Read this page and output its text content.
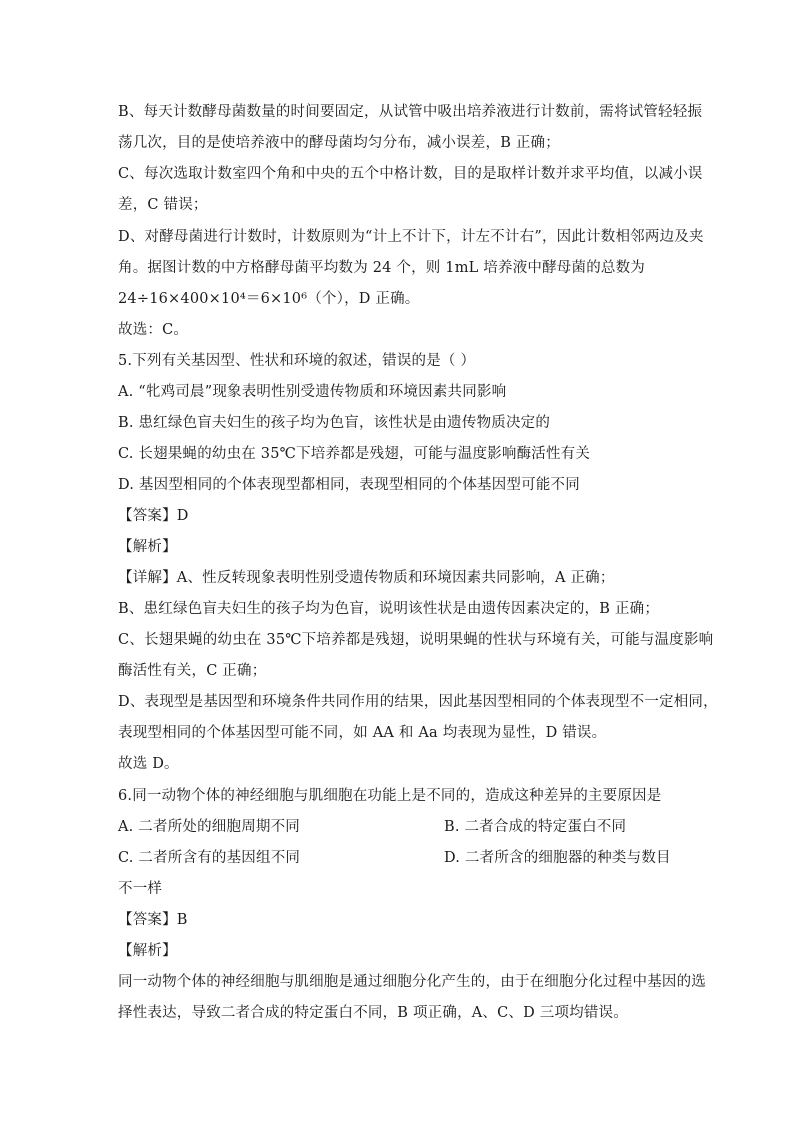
B、每天计数酵母菌数量的时间要固定，从试管中吸出培养液进行计数前，需将试管轻轻振
荡几次，目的是使培养液中的酵母菌均匀分布，减小误差，B 正确；
C、每次选取计数室四个角和中央的五个中格计数，目的是取样计数并求平均值，以减小误
差，C 错误；
D、对酵母菌进行计数时，计数原则为“计上不计下，计左不计右”，因此计数相邻两边及夹
角。据图计数的中方格酵母菌平均数为 24 个，则 1mL 培养液中酵母菌的总数为
24÷16×400×10⁴＝6×10⁶（个），D 正确。
故选：C。
5.下列有关基因型、性状和环境的叙述，错误的是（ ）
A. “牝鸡司晨”现象表明性别受遗传物质和环境因素共同影响
B. 患红绿色盲夫妇生的孩子均为色盲，该性状是由遗传物质决定的
C. 长翅果蝇的幼虫在 35℃下培养都是残翅，可能与温度影响酶活性有关
D. 基因型相同的个体表现型都相同，表现型相同的个体基因型可能不同
【答案】D
【解析】
【详解】A、性反转现象表明性别受遗传物质和环境因素共同影响，A 正确；
B、患红绿色盲夫妇生的孩子均为色盲，说明该性状是由遗传因素决定的，B 正确；
C、长翅果蝇的幼虫在 35℃下培养都是残翅，说明果蝇的性状与环境有关，可能与温度影响
酶活性有关，C 正确；
D、表现型是基因型和环境条件共同作用的结果，因此基因型相同的个体表现型不一定相同，
表现型相同的个体基因型可能不同，如 AA 和 Aa 均表现为显性，D 错误。
故选 D。
6.同一动物个体的神经细胞与肌细胞在功能上是不同的，造成这种差异的主要原因是
A. 二者所处的细胞周期不同	B. 二者合成的特定蛋白不同
C. 二者所含有的基因组不同	D. 二者所含的细胞器的种类与数目
不一样
【答案】B
【解析】
同一动物个体的神经细胞与肌细胞是通过细胞分化产生的，由于在细胞分化过程中基因的选
择性表达，导致二者合成的特定蛋白不同，B 项正确，A、C、D 三项均错误。
